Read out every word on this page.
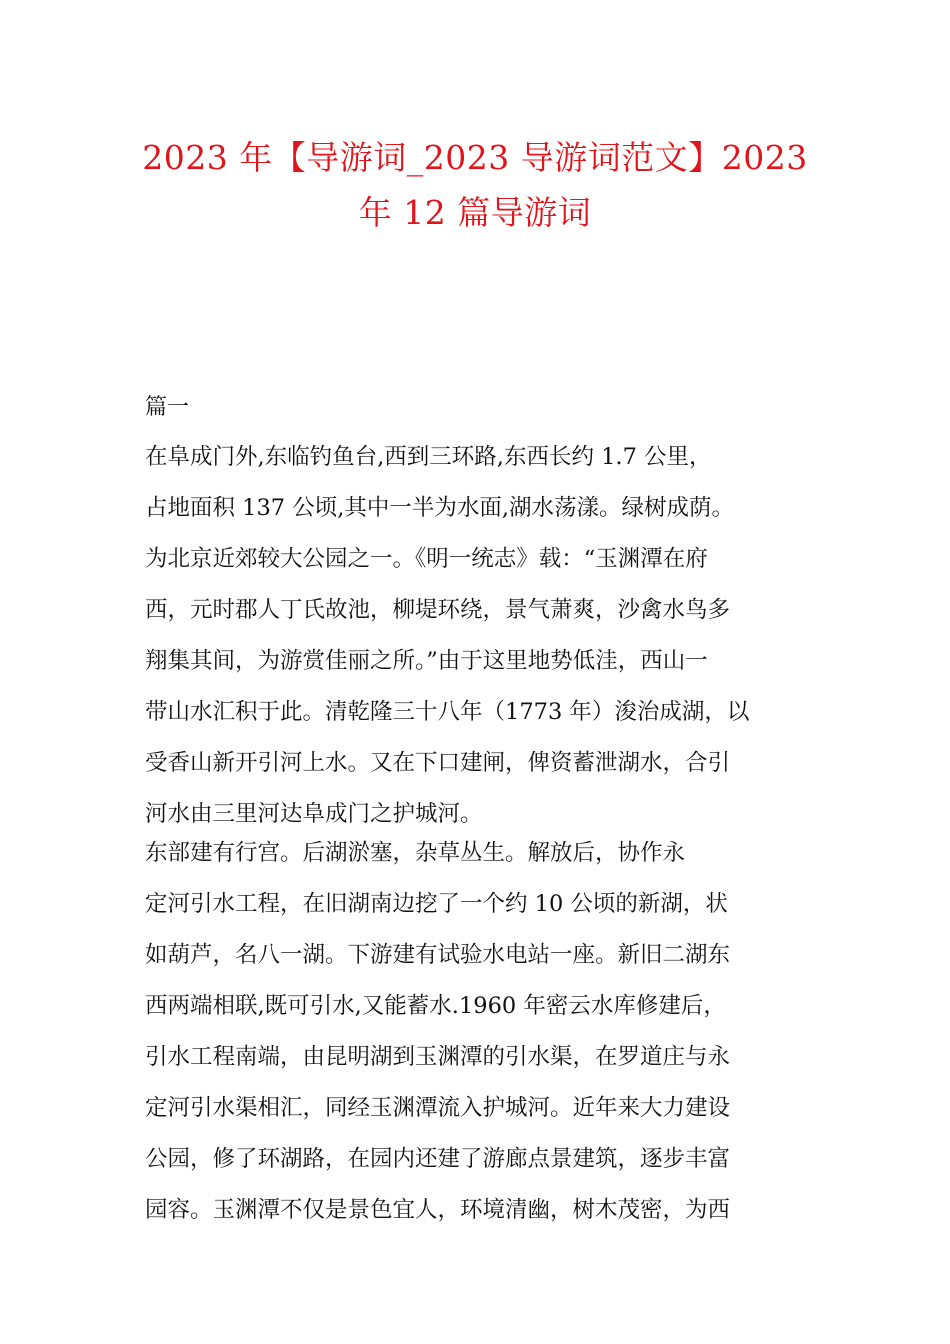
2023 年【导游词_2023 导游词范文】2023
年 12 篇导游词
篇一
在阜成门外,东临钓鱼台,西到三环路,东西长约 1.7 公里，
占地面积 137 公顷,其中一半为水面,湖水荡漾。绿树成荫。
为北京近郊较大公园之一。《明一统志》载：“玉渊潭在府
西，元时郡人丁氏故池，柳堤环绕，景气萧爽，沙禽水鸟多
翔集其间，为游赏佳丽之所。”由于这里地势低洼，西山一
带山水汇积于此。清乾隆三十八年（1773 年）浚治成湖，以
受香山新开引河上水。又在下口建闸，俾资蓄泄湖水，合引
河水由三里河达阜成门之护城河。
东部建有行宫。后湖淤塞，杂草丛生。解放后，协作永
定河引水工程，在旧湖南边挖了一个约 10 公顷的新湖，状
如葫芦，名八一湖。下游建有试验水电站一座。新旧二湖东
西两端相联,既可引水,又能蓄水.1960 年密云水库修建后，
引水工程南端，由昆明湖到玉渊潭的引水渠，在罗道庄与永
定河引水渠相汇，同经玉渊潭流入护城河。近年来大力建设
公园，修了环湖路，在园内还建了游廊点景建筑，逐步丰富
园容。玉渊潭不仅是景色宜人，环境清幽，树木茂密，为西
